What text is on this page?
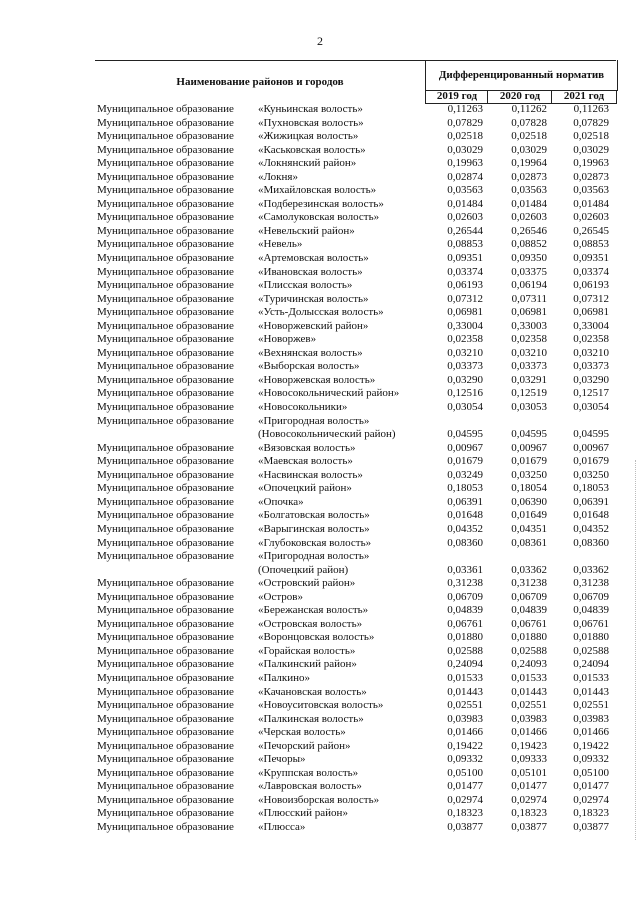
2
Наименование районов и городов
Дифференцированный норматив
2019 год	2020 год	2021 год
Муниципальное образование «Куньинская волость»	0,11263	0,11262	0,11263
Муниципальное образование «Пухновская волость»	0,07829	0,07828	0,07829
Муниципальное образование «Жижицкая волость»	0,02518	0,02518	0,02518
Муниципальное образование «Каськовская волость»	0,03029	0,03029	0,03029
Муниципальное образование «Локнянский район»	0,19963	0,19964	0,19963
Муниципальное образование «Локня»	0,02874	0,02873	0,02873
Муниципальное образование «Михайловская волость»	0,03563	0,03563	0,03563
Муниципальное образование «Подберезинская волость»	0,01484	0,01484	0,01484
Муниципальное образование «Самолуковская волость»	0,02603	0,02603	0,02603
Муниципальное образование «Невельский район»	0,26544	0,26546	0,26545
Муниципальное образование «Невель»	0,08853	0,08852	0,08853
Муниципальное образование «Артемовская волость»	0,09351	0,09350	0,09351
Муниципальное образование «Ивановская волость»	0,03374	0,03375	0,03374
Муниципальное образование «Плисская волость»	0,06193	0,06194	0,06193
Муниципальное образование «Туричинская волость»	0,07312	0,07311	0,07312
Муниципальное образование «Усть-Долысская волость»	0,06981	0,06981	0,06981
Муниципальное образование «Новоржевский район»	0,33004	0,33003	0,33004
Муниципальное образование «Новоржев»	0,02358	0,02358	0,02358
Муниципальное образование «Вехнянская волость»	0,03210	0,03210	0,03210
Муниципальное образование «Выборская волость»	0,03373	0,03373	0,03373
Муниципальное образование «Новоржевская волость»	0,03290	0,03291	0,03290
Муниципальное образование «Новосокольнический район»	0,12516	0,12519	0,12517
Муниципальное образование «Новосокольники»	0,03054	0,03053	0,03054
Муниципальное образование «Пригородная волость»
(Новосокольнический район)	0,04595	0,04595	0,04595
Муниципальное образование «Вязовская волость»	0,00967	0,00967	0,00967
Муниципальное образование «Маевская волость»	0,01679	0,01679	0,01679
Муниципальное образование «Насвинская волость»	0,03249	0,03250	0,03250
Муниципальное образование «Опочецкий район»	0,18053	0,18054	0,18053
Муниципальное образование «Опочка»	0,06391	0,06390	0,06391
Муниципальное образование «Болгатовская волость»	0,01648	0,01649	0,01648
Муниципальное образование «Варыгинская волость»	0,04352	0,04351	0,04352
Муниципальное образование «Глубоковская волость»	0,08360	0,08361	0,08360
Муниципальное образование «Пригородная волость»
(Опочецкий район)	0,03361	0,03362	0,03362
Муниципальное образование «Островский район»	0,31238	0,31238	0,31238
Муниципальное образование «Остров»	0,06709	0,06709	0,06709
Муниципальное образование «Бережанская волость»	0,04839	0,04839	0,04839
Муниципальное образование «Островская волость»	0,06761	0,06761	0,06761
Муниципальное образование «Воронцовская волость»	0,01880	0,01880	0,01880
Муниципальное образование «Горайская волость»	0,02588	0,02588	0,02588
Муниципальное образование «Палкинский район»	0,24094	0,24093	0,24094
Муниципальное образование «Палкино»	0,01533	0,01533	0,01533
Муниципальное образование «Качановская волость»	0,01443	0,01443	0,01443
Муниципальное образование «Новоуситовская волость»	0,02551	0,02551	0,02551
Муниципальное образование «Палкинская волость»	0,03983	0,03983	0,03983
Муниципальное образование «Черская волость»	0,01466	0,01466	0,01466
Муниципальное образование «Печорский район»	0,19422	0,19423	0,19422
Муниципальное образование «Печоры»	0,09332	0,09333	0,09332
Муниципальное образование «Круппская волость»	0,05100	0,05101	0,05100
Муниципальное образование «Лавровская волость»	0,01477	0,01477	0,01477
Муниципальное образование «Новоизборская волость»	0,02974	0,02974	0,02974
Муниципальное образование «Плюсский район»	0,18323	0,18323	0,18323
Муниципальное образование «Плюсса»	0,03877	0,03877	0,03877
